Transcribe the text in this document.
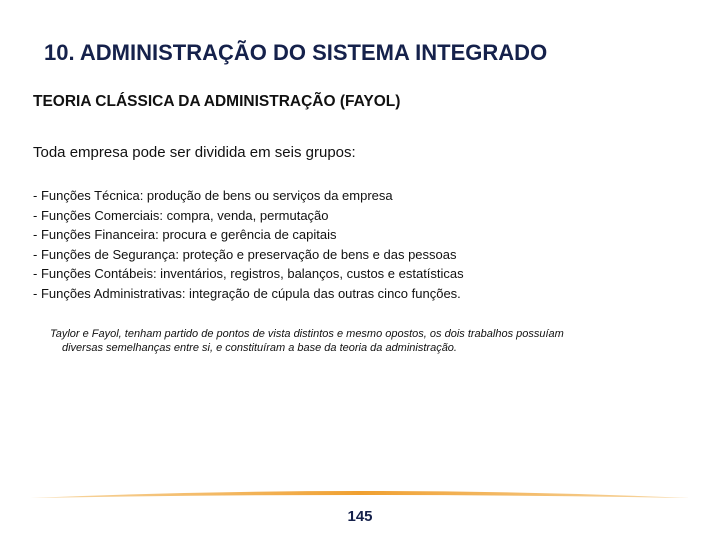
10. ADMINISTRAÇÃO DO SISTEMA INTEGRADO
TEORIA CLÁSSICA DA ADMINISTRAÇÃO (FAYOL)
Toda empresa pode ser dividida em seis grupos:
- Funções Técnica: produção de bens ou serviços da empresa
- Funções Comerciais: compra, venda, permutação
- Funções Financeira: procura e gerência de capitais
- Funções de Segurança: proteção e preservação de bens e das pessoas
- Funções Contábeis: inventários, registros, balanços, custos e estatísticas
- Funções Administrativas: integração de cúpula das outras cinco funções.
Taylor e Fayol, tenham partido de pontos de vista distintos e mesmo opostos, os dois trabalhos possuíam
diversas semelhanças entre si, e constituíram a base da teoria da administração.
145
